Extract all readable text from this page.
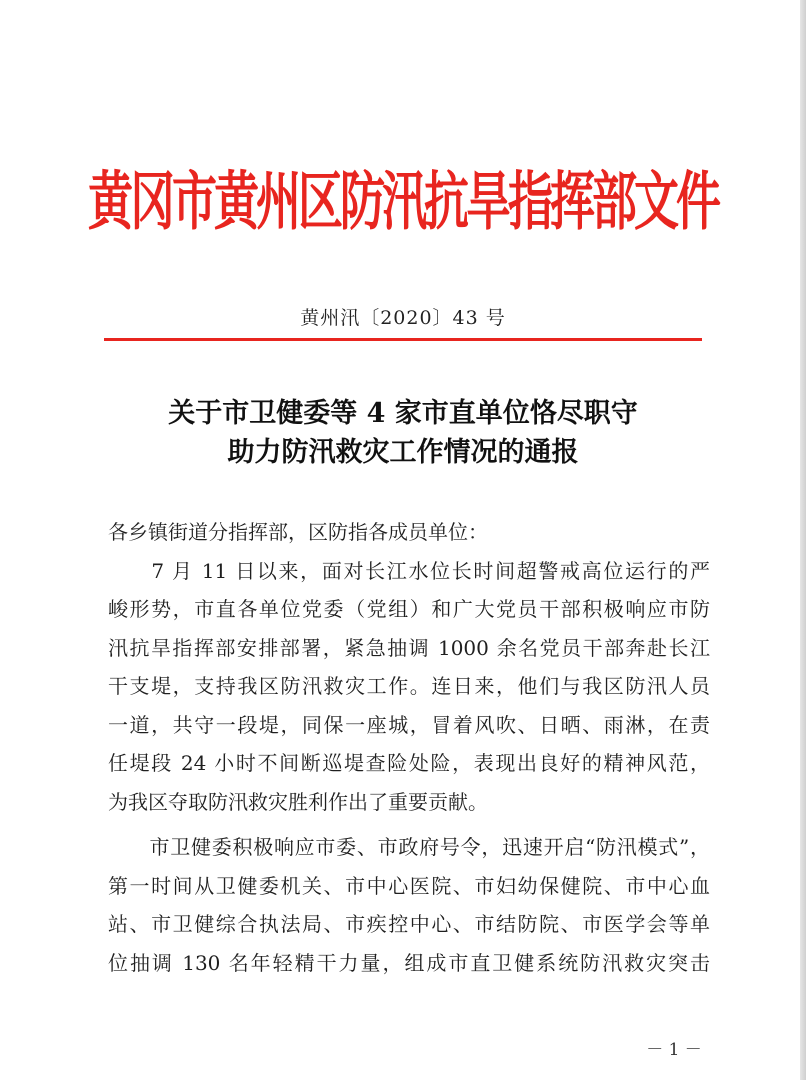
黄冈市黄州区防汛抗旱指挥部文件
黄州汛〔2020〕43 号
关于市卫健委等 4 家市直单位恪尽职守
助力防汛救灾工作情况的通报
各乡镇街道分指挥部，区防指各成员单位：
　　7 月 11 日以来，面对长江水位长时间超警戒高位运行的严
峻形势，市直各单位党委（党组）和广大党员干部积极响应市防
汛抗旱指挥部安排部署，紧急抽调 1000 余名党员干部奔赴长江
干支堤，支持我区防汛救灾工作。连日来，他们与我区防汛人员
一道，共守一段堤，同保一座城，冒着风吹、日晒、雨淋，在责
任堤段 24 小时不间断巡堤查险处险，表现出良好的精神风范，
为我区夺取防汛救灾胜利作出了重要贡献。
　　市卫健委积极响应市委、市政府号令，迅速开启“防汛模式”，
第一时间从卫健委机关、市中心医院、市妇幼保健院、市中心血
站、市卫健综合执法局、市疾控中心、市结防院、市医学会等单
位抽调 130 名年轻精干力量，组成市直卫健系统防汛救灾突击
－ 1 －
